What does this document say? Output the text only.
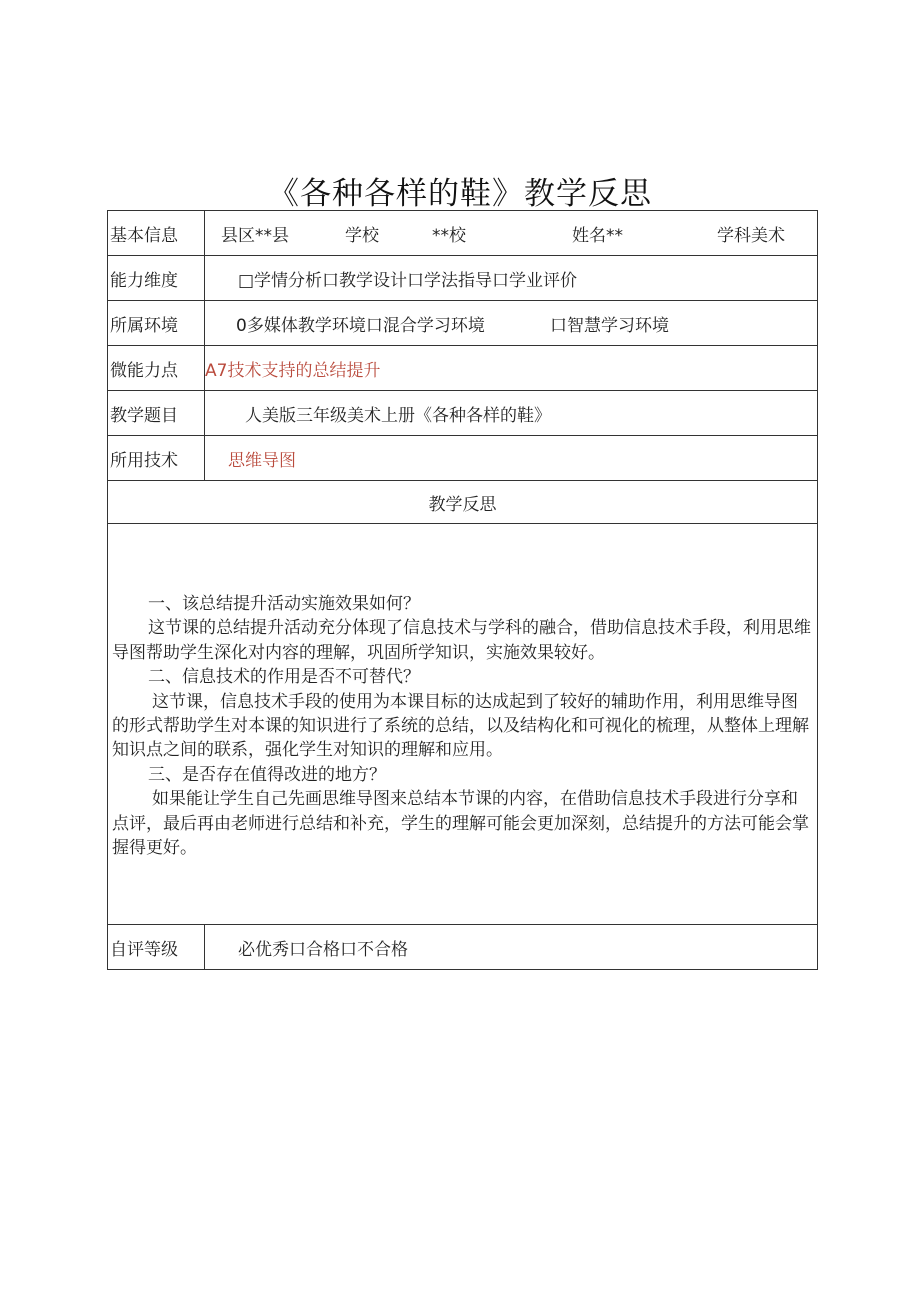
《各种各样的鞋》教学反思
基本信息	县区**县	学校	**校	姓名**	学科美术
能力维度	□学情分析口教学设计口学法指导口学业评价
所属环境	0多媒体教学环境口混合学习环境	口智慧学习环境
微能力点	A7技术支持的总结提升
教学题目	人美版三年级美术上册《各种各样的鞋》
所用技术	思维导图
教学反思

一、该总结提升活动实施效果如何？

这节课的总结提升活动充分体现了信息技术与学科的融合，借助信息技术手段，利用思维导图帮助学生深化对内容的理解，巩固所学知识，实施效果较好。

二、信息技术的作用是否不可替代？

这节课，信息技术手段的使用为本课目标的达成起到了较好的辅助作用，利用思维导图的形式帮助学生对本课的知识进行了系统的总结，以及结构化和可视化的梳理，从整体上理解知识点之间的联系，强化学生对知识的理解和应用。

三、是否存在值得改进的地方？

如果能让学生自己先画思维导图来总结本节课的内容，在借助信息技术手段进行分享和点评，最后再由老师进行总结和补充，学生的理解可能会更加深刻，总结提升的方法可能会掌握得更好。

自评等级	必优秀口合格口不合格
